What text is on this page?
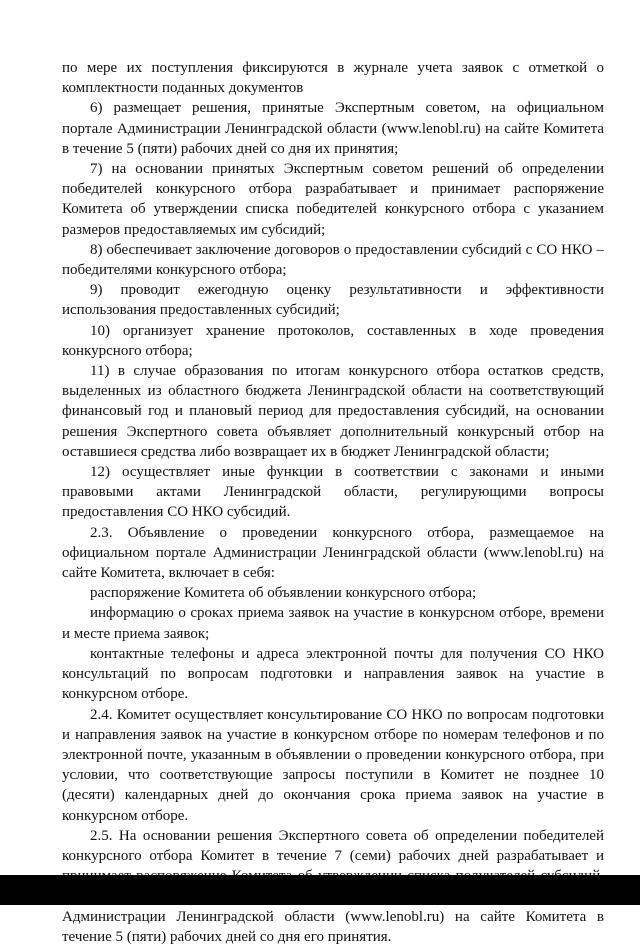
по мере их поступления фиксируются в журнале учета заявок с отметкой о комплектности поданных документов

6) размещает решения, принятые Экспертным советом, на официальном портале Администрации Ленинградской области (www.lenobl.ru) на сайте Комитета в течение 5 (пяти) рабочих дней со дня их принятия;

7) на основании принятых Экспертным советом решений об определении победителей конкурсного отбора разрабатывает и принимает распоряжение Комитета об утверждении списка победителей конкурсного отбора с указанием размеров предоставляемых им субсидий;

8) обеспечивает заключение договоров о предоставлении субсидий с СО НКО – победителями конкурсного отбора;

9) проводит ежегодную оценку результативности и эффективности использования предоставленных субсидий;

10) организует хранение протоколов, составленных в ходе проведения конкурсного отбора;

11) в случае образования по итогам конкурсного отбора остатков средств, выделенных из областного бюджета Ленинградской области на соответствующий финансовый год и плановый период для предоставления субсидий, на основании решения Экспертного совета объявляет дополнительный конкурсный отбор на оставшиеся средства либо возвращает их в бюджет Ленинградской области;

12) осуществляет иные функции в соответствии с законами и иными правовыми актами Ленинградской области, регулирующими вопросы предоставления СО НКО субсидий.

2.3. Объявление о проведении конкурсного отбора, размещаемое на официальном портале Администрации Ленинградской области (www.lenobl.ru) на сайте Комитета, включает в себя:

распоряжение Комитета об объявлении конкурсного отбора;

информацию о сроках приема заявок на участие в конкурсном отборе, времени и месте приема заявок;

контактные телефоны и адреса электронной почты для получения СО НКО консультаций по вопросам подготовки и направления заявок на участие в конкурсном отборе.

2.4. Комитет осуществляет консультирование СО НКО по вопросам подготовки и направления заявок на участие в конкурсном отборе по номерам телефонов и по электронной почте, указанным в объявлении о проведении конкурсного отбора, при условии, что соответствующие запросы поступили в Комитет не позднее 10 (десяти) календарных дней до окончания срока приема заявок на участие в конкурсном отборе.

2.5. На основании решения Экспертного совета об определении победителей конкурсного отбора Комитет в течение 7 (семи) рабочих дней разрабатывает и Администрации Ленинградской области (www.lenobl.ru) на сайте Комитета в течение 5 (пяти) рабочих дней со дня его принятия.
